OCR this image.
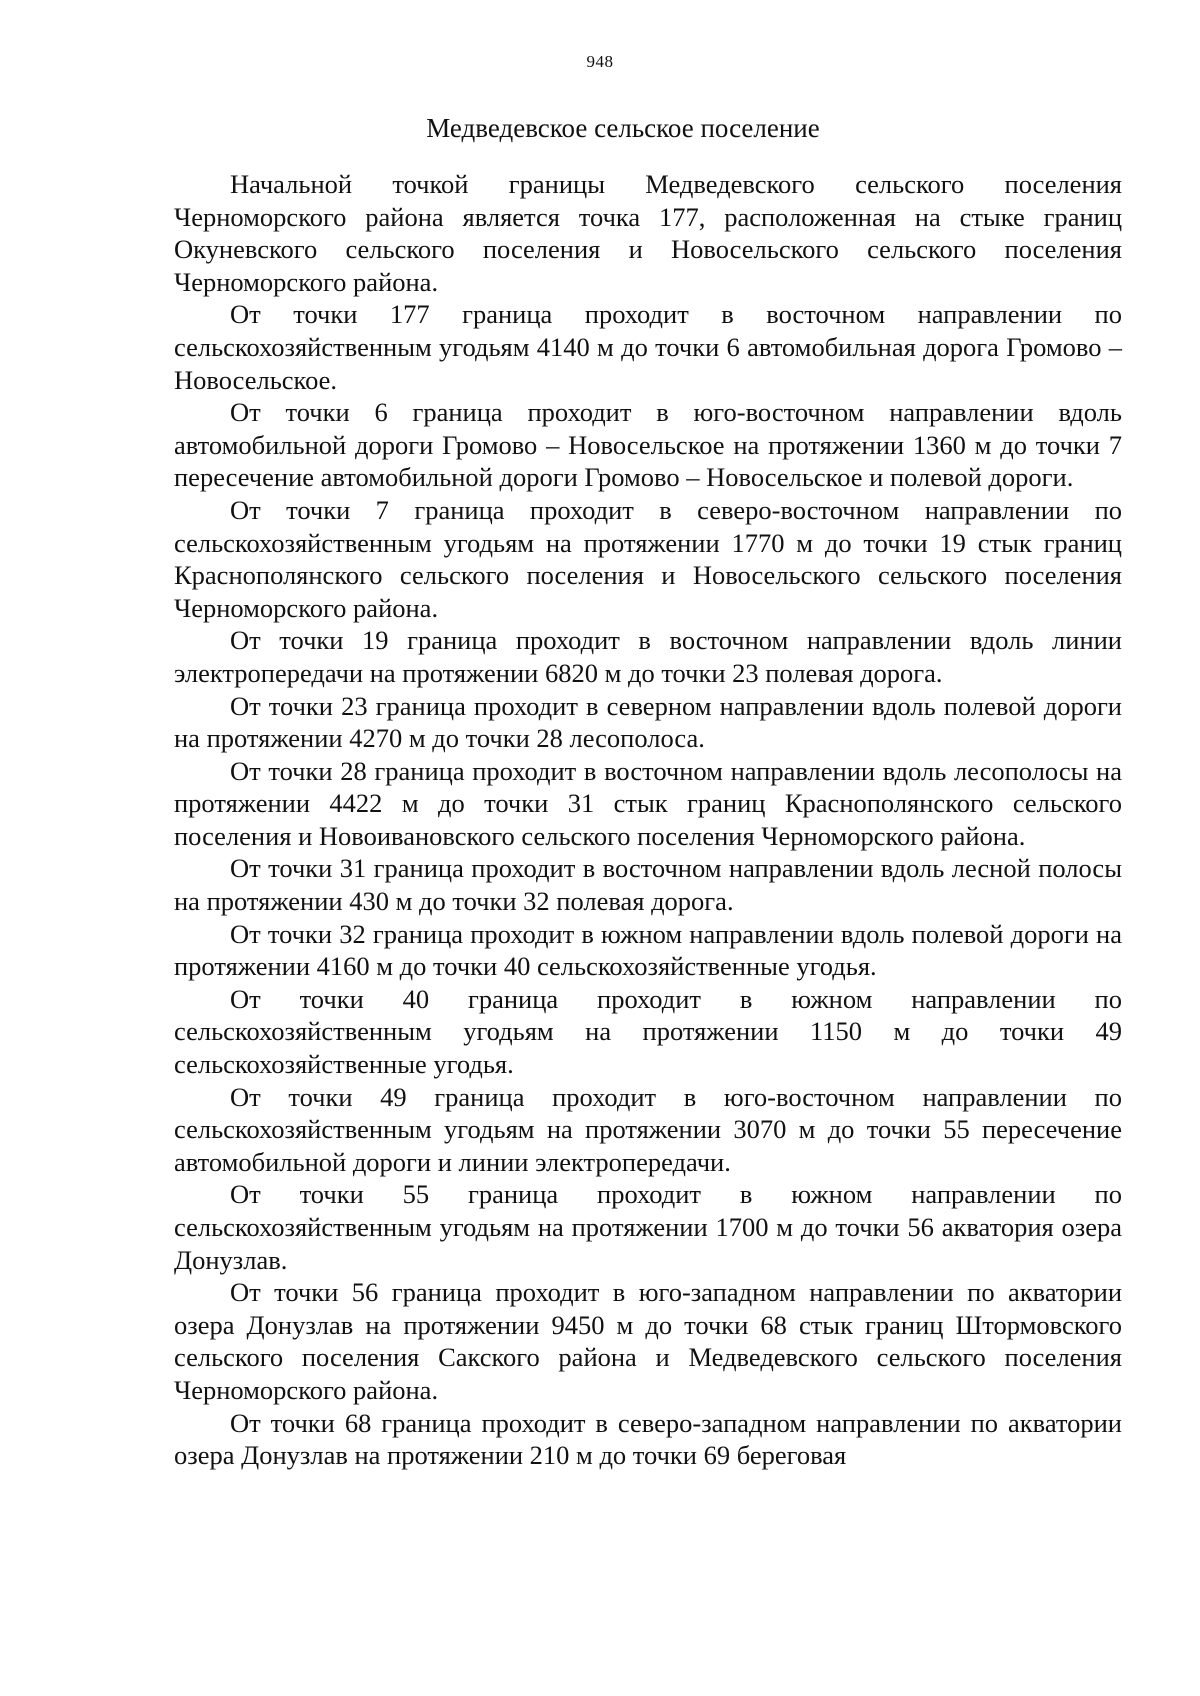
948
Медведевское сельское поселение

Начальной точкой границы Медведевского сельского поселения Черноморского района является точка 177, расположенная на стыке границ Окуневского сельского поселения и Новосельского сельского поселения Черноморского района.

От точки 177 граница проходит в восточном направлении по сельскохозяйственным угодьям 4140 м до точки 6 автомобильная дорога Громово – Новосельское.

От точки 6 граница проходит в юго-восточном направлении вдоль автомобильной дороги Громово – Новосельское на протяжении 1360 м до точки 7 пересечение автомобильной дороги Громово – Новосельское и полевой дороги.

От точки 7 граница проходит в северо-восточном направлении по сельскохозяйственным угодьям на протяжении 1770 м до точки 19 стык границ Краснополянского сельского поселения и Новосельского сельского поселения Черноморского района.

От точки 19 граница проходит в восточном направлении вдоль линии электропередачи на протяжении 6820 м до точки 23 полевая дорога.

От точки 23 граница проходит в северном направлении вдоль полевой дороги на протяжении 4270 м до точки 28 лесополоса.

От точки 28 граница проходит в восточном направлении вдоль лесополосы на протяжении 4422 м до точки 31 стык границ Краснополянского сельского поселения и Новоивановского сельского поселения Черноморского района.

От точки 31 граница проходит в восточном направлении вдоль лесной полосы на протяжении 430 м до точки 32 полевая дорога.

От точки 32 граница проходит в южном направлении вдоль полевой дороги на протяжении 4160 м до точки 40 сельскохозяйственные угодья.

От точки 40 граница проходит в южном направлении по сельскохозяйственным угодьям на протяжении 1150 м до точки 49 сельскохозяйственные угодья.

От точки 49 граница проходит в юго-восточном направлении по сельскохозяйственным угодьям на протяжении 3070 м до точки 55 пересечение автомобильной дороги и линии электропередачи.

От точки 55 граница проходит в южном направлении по сельскохозяйственным угодьям на протяжении 1700 м до точки 56 акватория озера Донузлав.

От точки 56 граница проходит в юго-западном направлении по акватории озера Донузлав на протяжении 9450 м до точки 68 стык границ Штормовского сельского поселения Сакского района и Медведевского сельского поселения Черноморского района.

От точки 68 граница проходит в северо-западном направлении по акватории озера Донузлав на протяжении 210 м до точки 69 береговая
